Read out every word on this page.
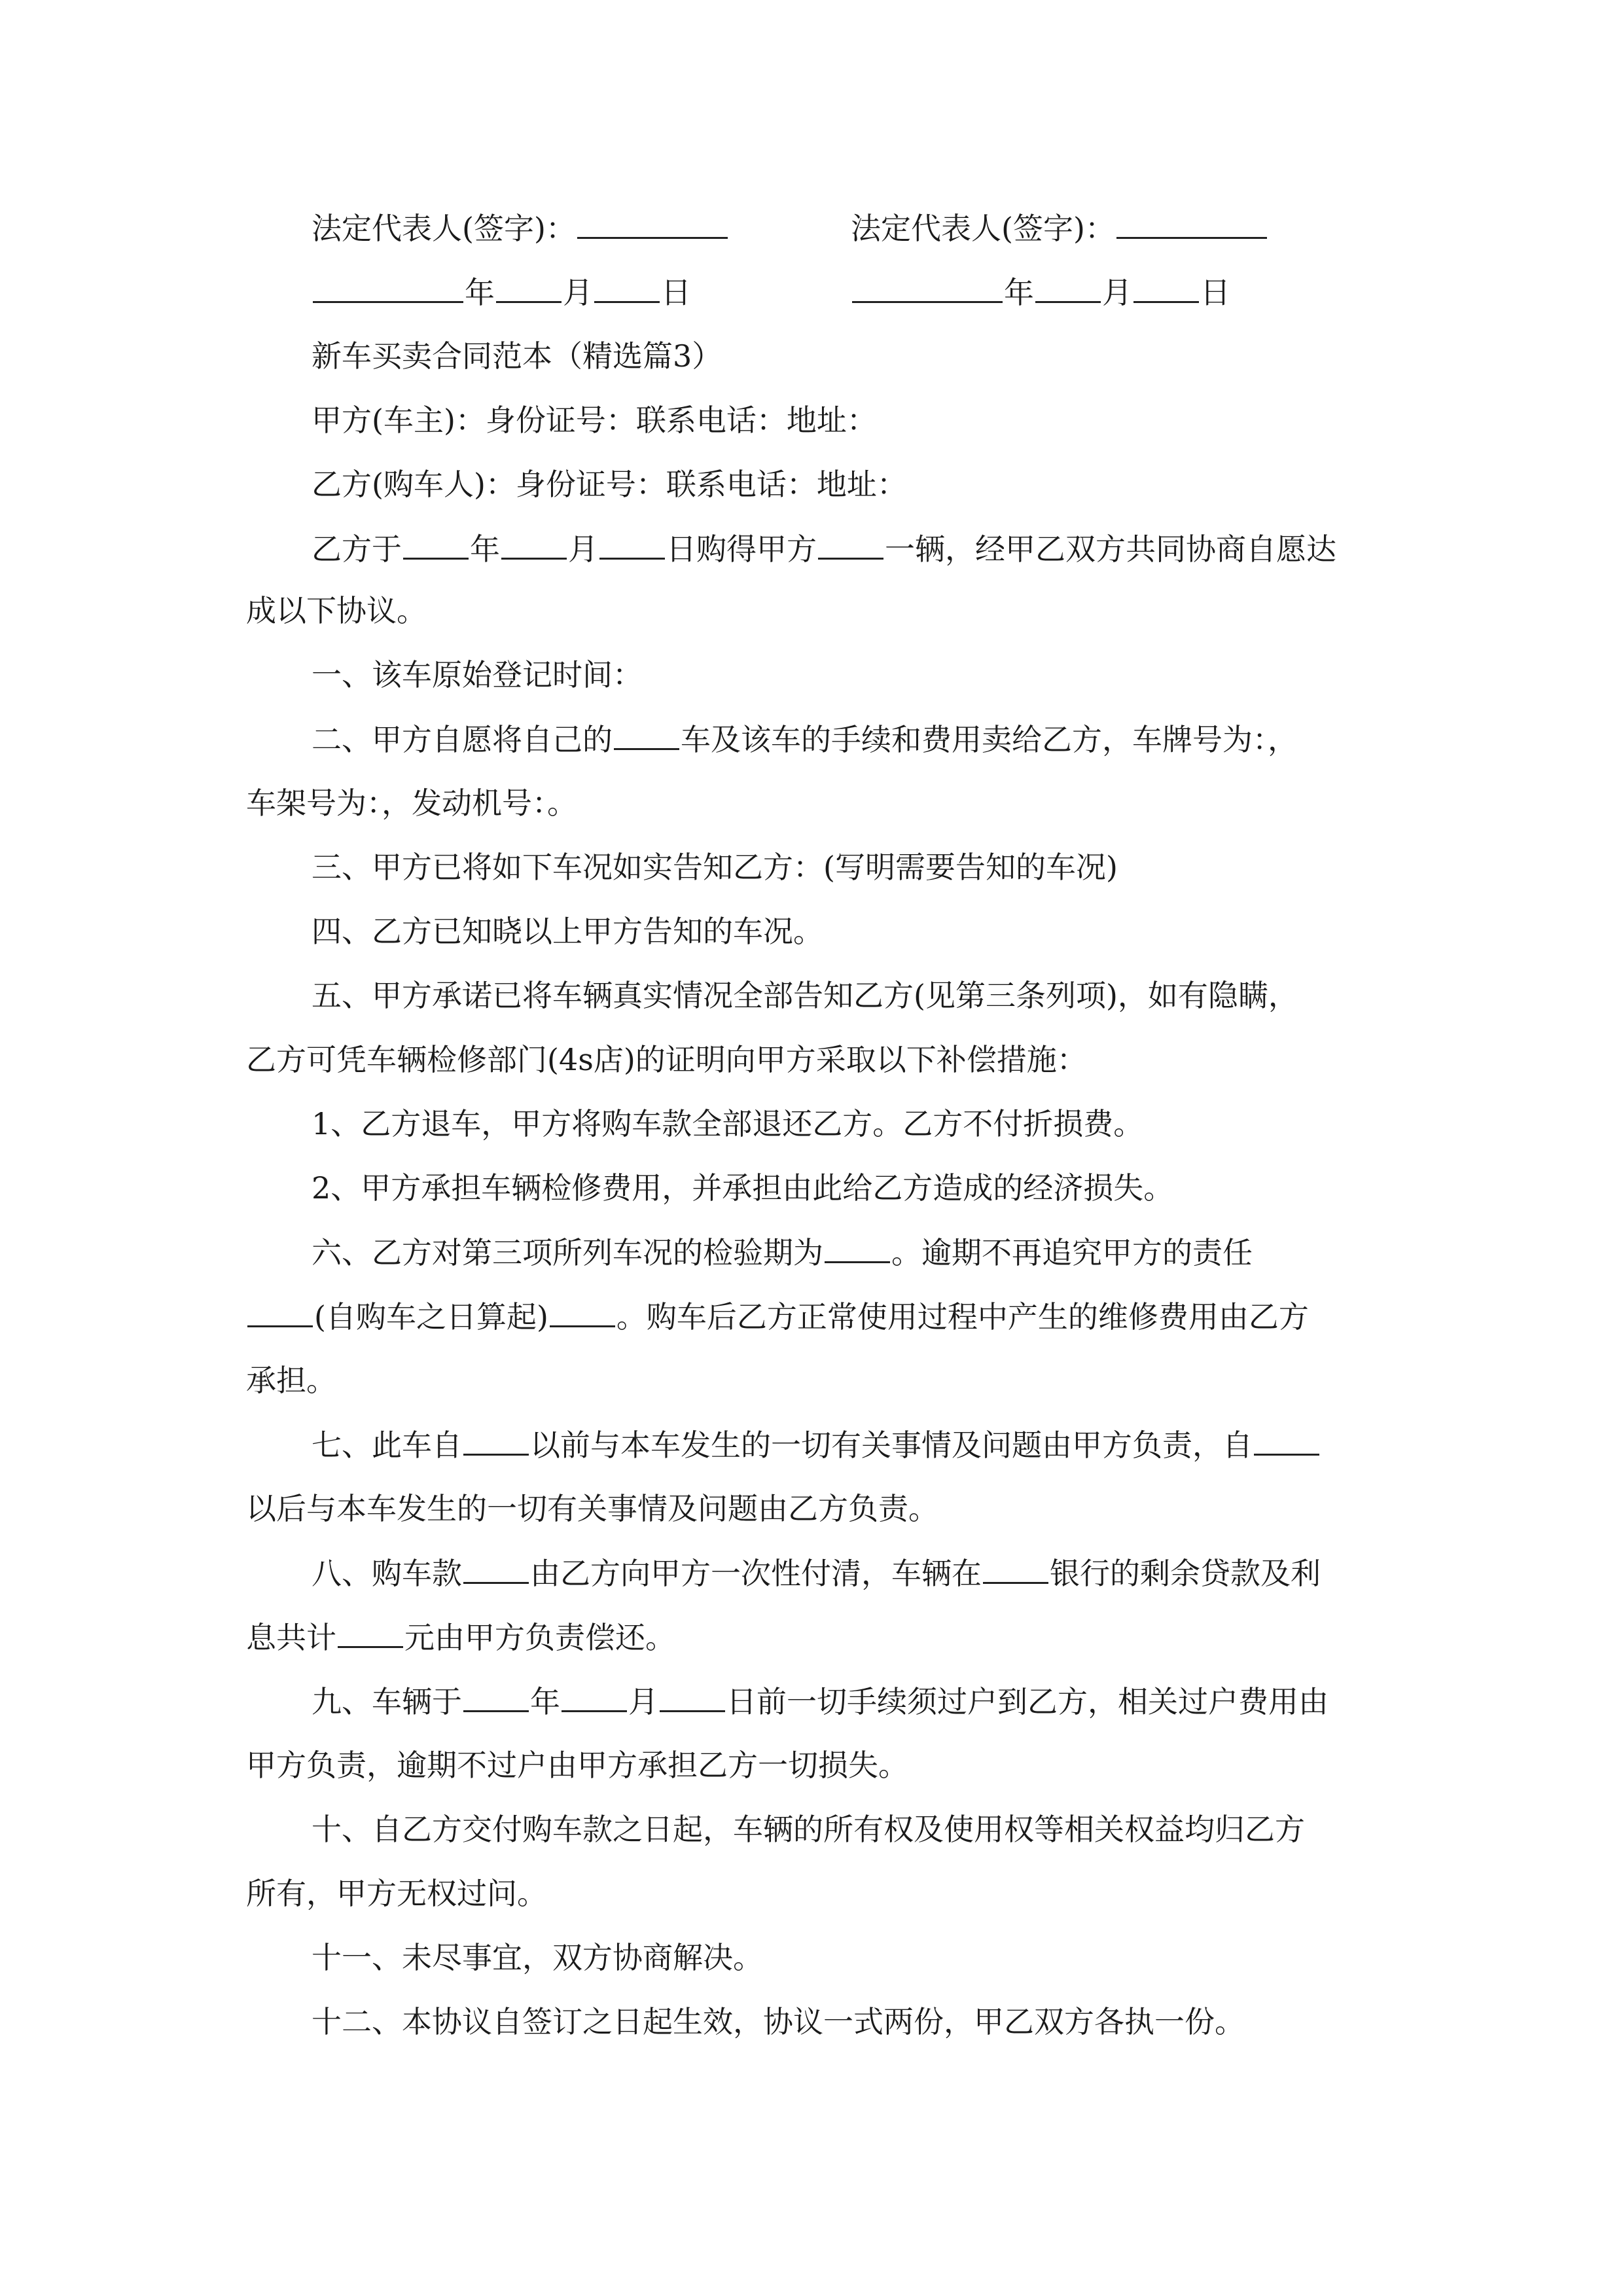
法定代表人(签字)：	法定代表人(签字)：
年 月 日	年 月 日
新车买卖合同范本（精选篇3）
甲方(车主)：身份证号：联系电话：地址：
乙方(购车人)：身份证号：联系电话：地址：
乙方于 年 月 日购得甲方 一辆，经甲乙双方共同协商自愿达
成以下协议。
一、该车原始登记时间：
二、甲方自愿将自己的 车及该车的手续和费用卖给乙方，车牌号为：，
车架号为：，发动机号：。
三、甲方已将如下车况如实告知乙方：(写明需要告知的车况)
四、乙方已知晓以上甲方告知的车况。
五、甲方承诺已将车辆真实情况全部告知乙方(见第三条列项)，如有隐瞒，
乙方可凭车辆检修部门(4s店)的证明向甲方采取以下补偿措施：
1、乙方退车，甲方将购车款全部退还乙方。乙方不付折损费。
2、甲方承担车辆检修费用，并承担由此给乙方造成的经济损失。
六、乙方对第三项所列车况的检验期为 。逾期不再追究甲方的责任
(自购车之日算起) 。购车后乙方正常使用过程中产生的维修费用由乙方
承担。
七、此车自 以前与本车发生的一切有关事情及问题由甲方负责，自
以后与本车发生的一切有关事情及问题由乙方负责。
八、购车款 由乙方向甲方一次性付清，车辆在 银行的剩余贷款及利
息共计 元由甲方负责偿还。
九、车辆于 年 月 日前一切手续须过户到乙方，相关过户费用由
甲方负责，逾期不过户由甲方承担乙方一切损失。
十、自乙方交付购车款之日起，车辆的所有权及使用权等相关权益均归乙方
所有，甲方无权过问。
十一、未尽事宜，双方协商解决。
十二、本协议自签订之日起生效，协议一式两份，甲乙双方各执一份。
